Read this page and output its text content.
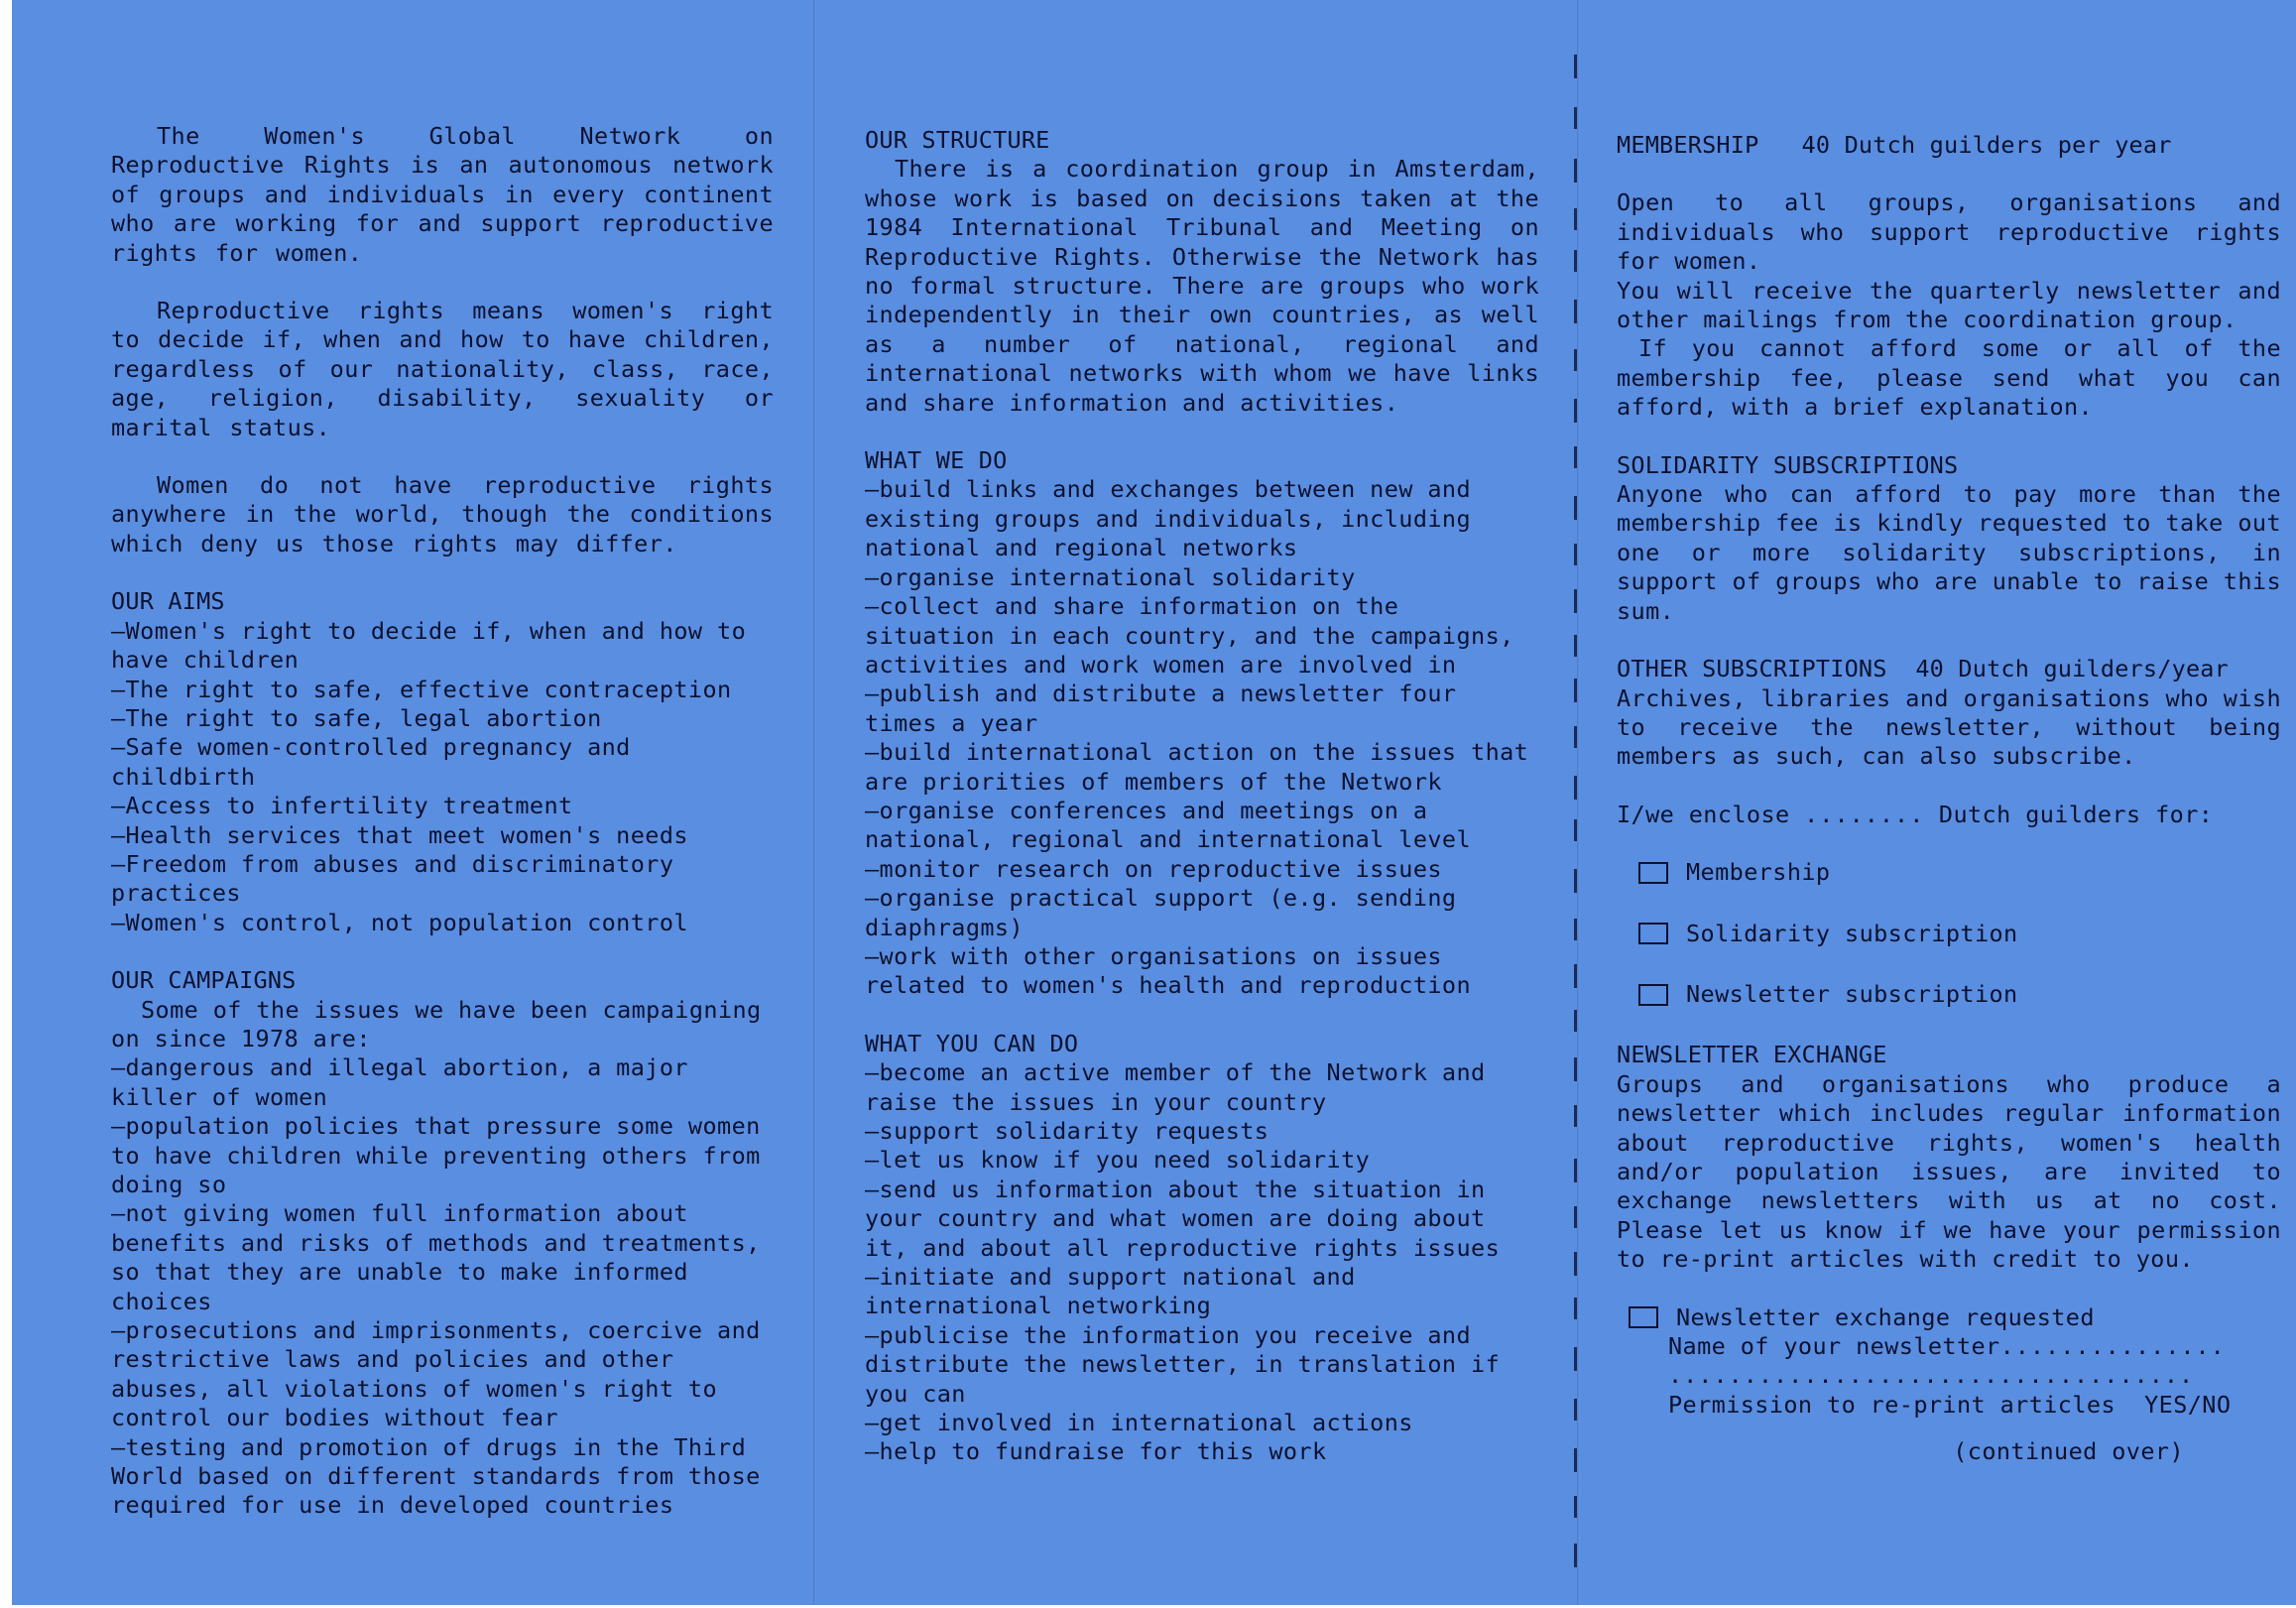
The Women's Global Network on Reproductive Rights is an autonomous network of groups and individuals in every continent who are working for and support reproductive rights for women.

Reproductive rights means women's right to decide if, when and how to have children, regardless of our nationality, class, race, age, religion, disability, sexuality or marital status.

Women do not have reproductive rights anywhere in the world, though the conditions which deny us those rights may differ.

OUR AIMS

—Women's right to decide if, when and how to have children

—The right to safe, effective contraception

—The right to safe, legal abortion

—Safe women-controlled pregnancy and childbirth

—Access to infertility treatment

—Health services that meet women's needs

—Freedom from abuses and discriminatory practices

—Women's control, not population control

OUR CAMPAIGNS

Some of the issues we have been campaigning on since 1978 are:

—dangerous and illegal abortion, a major killer of women

—population policies that pressure some women to have children while preventing others from doing so

—not giving women full information about benefits and risks of methods and treatments, so that they are unable to make informed choices

—prosecutions and imprisonments, coercive and restrictive laws and policies and other abuses, all violations of women's right to control our bodies without fear

—testing and promotion of drugs in the Third World based on different standards from those required for use in developed countries

OUR STRUCTURE

There is a coordination group in Amsterdam, whose work is based on decisions taken at the 1984 International Tribunal and Meeting on Reproductive Rights. Otherwise the Network has no formal structure. There are groups who work independently in their own countries, as well as a number of national, regional and international networks with whom we have links and share information and activities.

WHAT WE DO

—build links and exchanges between new and existing groups and individuals, including national and regional networks

—organise international solidarity

—collect and share information on the situation in each country, and the campaigns, activities and work women are involved in

—publish and distribute a newsletter four times a year

—build international action on the issues that are priorities of members of the Network

—organise conferences and meetings on a national, regional and international level

—monitor research on reproductive issues

—organise practical support (e.g. sending diaphragms)

—work with other organisations on issues related to women's health and reproduction

WHAT YOU CAN DO

—become an active member of the Network and raise the issues in your country

—support solidarity requests

—let us know if you need solidarity

—send us information about the situation in your country and what women are doing about it, and about all reproductive rights issues

—initiate and support national and international networking

—publicise the information you receive and distribute the newsletter, in translation if you can

—get involved in international actions

—help to fundraise for this work

MEMBERSHIP 40 Dutch guilders per year

Open to all groups, organisations and individuals who support reproductive rights for women.

You will receive the quarterly newsletter and other mailings from the coordination group.

If you cannot afford some or all of the membership fee, please send what you can afford, with a brief explanation.

SOLIDARITY SUBSCRIPTIONS

Anyone who can afford to pay more than the membership fee is kindly requested to take out one or more solidarity subscriptions, in support of groups who are unable to raise this sum.

OTHER SUBSCRIPTIONS 40 Dutch guilders/year

Archives, libraries and organisations who wish to receive the newsletter, without being members as such, can also subscribe.

I/we enclose ........ Dutch guilders for:

Membership
Solidarity subscription
Newsletter subscription

NEWSLETTER EXCHANGE

Groups and organisations who produce a newsletter which includes regular information about reproductive rights, women's health and/or population issues, are invited to exchange newsletters with us at no cost. Please let us know if we have your permission to re-print articles with credit to you.

Newsletter exchange requested

Name of your newsletter...............

...................................

Permission to re-print articles YES/NO

(continued over)
